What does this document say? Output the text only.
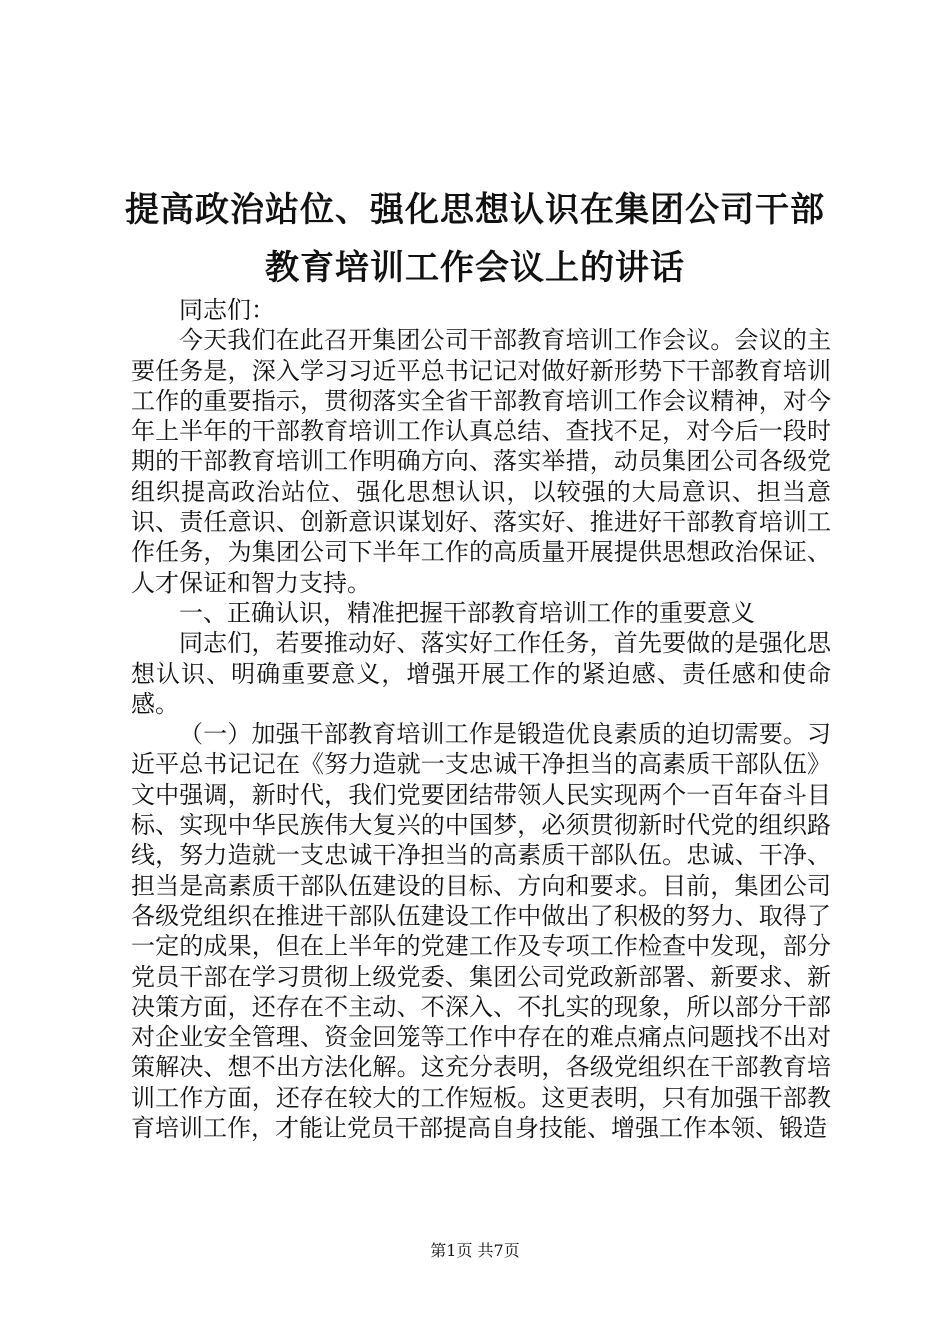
提高政治站位、强化思想认识在集团公司干部
教育培训工作会议上的讲话

同志们：

今天我们在此召开集团公司干部教育培训工作会议。会议的主要任务是，深入学习习近平总书记记对做好新形势下干部教育培训工作的重要指示，贯彻落实全省干部教育培训工作会议精神，对今年上半年的干部教育培训工作认真总结、查找不足，对今后一段时期的干部教育培训工作明确方向、落实举措，动员集团公司各级党组织提高政治站位、强化思想认识，以较强的大局意识、担当意识、责任意识、创新意识谋划好、落实好、推进好干部教育培训工作任务，为集团公司下半年工作的高质量开展提供思想政治保证、人才保证和智力支持。

一、正确认识，精准把握干部教育培训工作的重要意义

同志们，若要推动好、落实好工作任务，首先要做的是强化思想认识、明确重要意义，增强开展工作的紧迫感、责任感和使命感。

（一）加强干部教育培训工作是锻造优良素质的迫切需要。习近平总书记记在《努力造就一支忠诚干净担当的高素质干部队伍》文中强调，新时代，我们党要团结带领人民实现两个一百年奋斗目标、实现中华民族伟大复兴的中国梦，必须贯彻新时代党的组织路线，努力造就一支忠诚干净担当的高素质干部队伍。忠诚、干净、担当是高素质干部队伍建设的目标、方向和要求。目前，集团公司各级党组织在推进干部队伍建设工作中做出了积极的努力、取得了一定的成果，但在上半年的党建工作及专项工作检查中发现，部分党员干部在学习贯彻上级党委、集团公司党政新部署、新要求、新决策方面，还存在不主动、不深入、不扎实的现象，所以部分干部对企业安全管理、资金回笼等工作中存在的难点痛点问题找不出对策解决、想不出方法化解。这充分表明，各级党组织在干部教育培训工作方面，还存在较大的工作短板。这更表明，只有加强干部教育培训工作，才能让党员干部提高自身技能、增强工作本领、锻造

第1页 共7页
